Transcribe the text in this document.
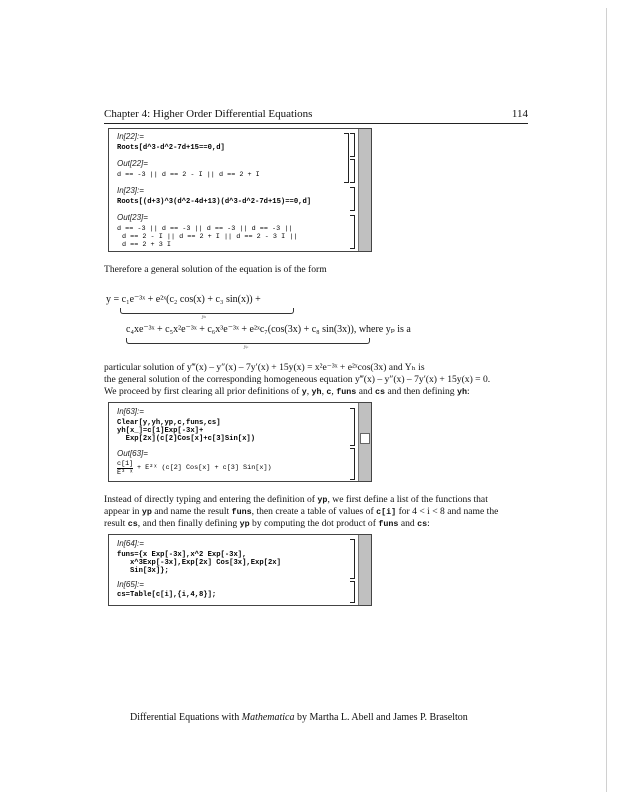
Chapter 4: Higher Order Differential Equations	114
In[22]:=
Roots[d^3-d^2-7d+15==0,d]
Out[22]=
d == -3 || d == 2 - I || d == 2 + I
In[23]:=
Roots[(d+3)^3(d^2-4d+13)(d^3-d^2-7d+15)==0,d]
Out[23]=
d == -3 || d == -3 || d == -3 || d == -3 ||
d == 2 - I || d == 2 + I || d == 2 - 3 I ||
d == 2 + 3 I
Therefore a general solution of the equation is of the form
y = c₁e⁻³ˣ + e²ˣ(c₂ cos(x) + c₃ sin(x)) +
yₕ
c₄xe⁻³ˣ + c₅x²e⁻³ˣ + c₆x³e⁻³ˣ + e²ˣc₇(cos(3x) + c₈ sin(3x)), where yₚ is a
yₚ
particular solution of y‴(x) – y″(x) – 7y′(x) + 15y(x) = x²e⁻³ˣ + e²ˣcos(3x) and Yₕ is
the general solution of the corresponding homogeneous equation y‴(x) – y″(x) – 7y′(x) + 15y(x) = 0.
We proceed by first clearing all prior definitions of y, yh, c, funs and cs and then defining yh:
In[63]:=
Clear[y,yh,yp,c,funs,cs]
yh[x_]=c[1]Exp[-3x]+
Exp[2x](c[2]Cos[x]+c[3]Sin[x])
Out[63]=
c[1]
E³ ˣ
+ E²ˣ (c[2] Cos[x] + c[3] Sin[x])
Instead of directly typing and entering the definition of yp, we first define a list of the functions that
appear in yp and name the result funs, then create a table of values of c[i] for 4 < i < 8 and name the
result cs, and then finally defining yp by computing the dot product of funs and cs:
In[64]:=
funs={x Exp[-3x],x^2 Exp[-3x],
x^3Exp[-3x],Exp[2x] Cos[3x],Exp[2x]
Sin[3x]};
In[65]:=
cs=Table[c[i],{i,4,8}];
Differential Equations with Mathematica by Martha L. Abell and James P. Braselton
